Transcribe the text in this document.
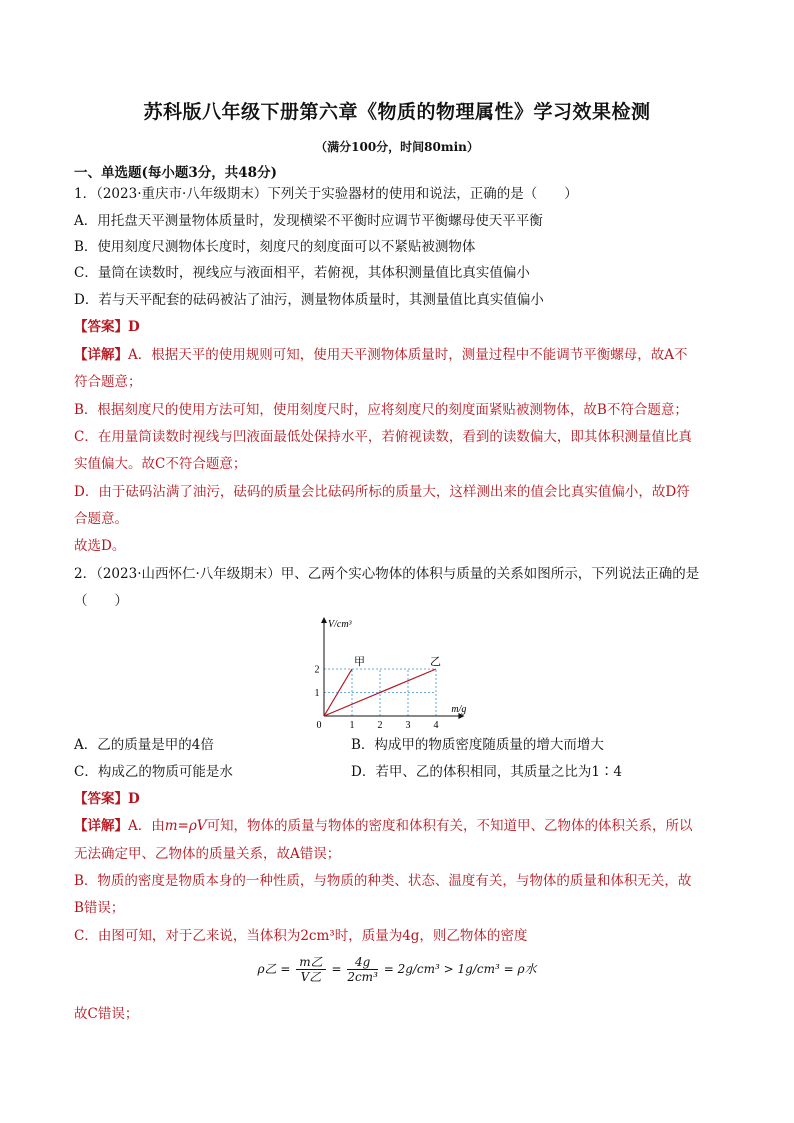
苏科版八年级下册第六章《物质的物理属性》学习效果检测
（满分100分，时间80min）
一、单选题(每小题3分，共48分)
1．（2023·重庆市·八年级期末）下列关于实验器材的使用和说法，正确的是（　　）
A．用托盘天平测量物体质量时，发现横梁不平衡时应调节平衡螺母使天平平衡
B．使用刻度尺测物体长度时，刻度尺的刻度面可以不紧贴被测物体
C．量筒在读数时，视线应与液面相平，若俯视，其体积测量值比真实值偏小
D．若与天平配套的砝码被沾了油污，测量物体质量时，其测量值比真实值偏小
【答案】D
【详解】A．根据天平的使用规则可知，使用天平测物体质量时，测量过程中不能调节平衡螺母，故A不
符合题意；
B．根据刻度尺的使用方法可知，使用刻度尺时，应将刻度尺的刻度面紧贴被测物体，故B不符合题意；
C．在用量筒读数时视线与凹液面最低处保持水平，若俯视读数，看到的读数偏大，即其体积测量值比真
实值偏大。故C不符合题意；
D．由于砝码沾满了油污，砝码的质量会比砝码所标的质量大，这样测出来的值会比真实值偏小，故D符
合题意。
故选D。
2．（2023·山西怀仁·八年级期末）甲、乙两个实心物体的体积与质量的关系如图所示，下列说法正确的是
（　　）
0	1 2 3 4
1
2
m/g
V/cm³
甲	乙
A．乙的质量是甲的4倍	B．构成甲的物质密度随质量的增大而增大
C．构成乙的物质可能是水	D．若甲、乙的体积相同，其质量之比为1∶4
【答案】D
【详解】A．由m=ρV可知，物体的质量与物体的密度和体积有关，不知道甲、乙物体的体积关系，所以
无法确定甲、乙物体的质量关系，故A错误；
B．物质的密度是物质本身的一种性质，与物质的种类、状态、温度有关，与物体的质量和体积无关，故
B错误；
C．由图可知，对于乙来说，当体积为2cm³时，质量为4g，则乙物体的密度
ρ乙 = $\frac{\text{m乙}}{\text{V乙}} = \frac{4g}{\text{2cm³}} = 2g/cm^3 > 1g/cm^3 = \rho$水
故C错误；
